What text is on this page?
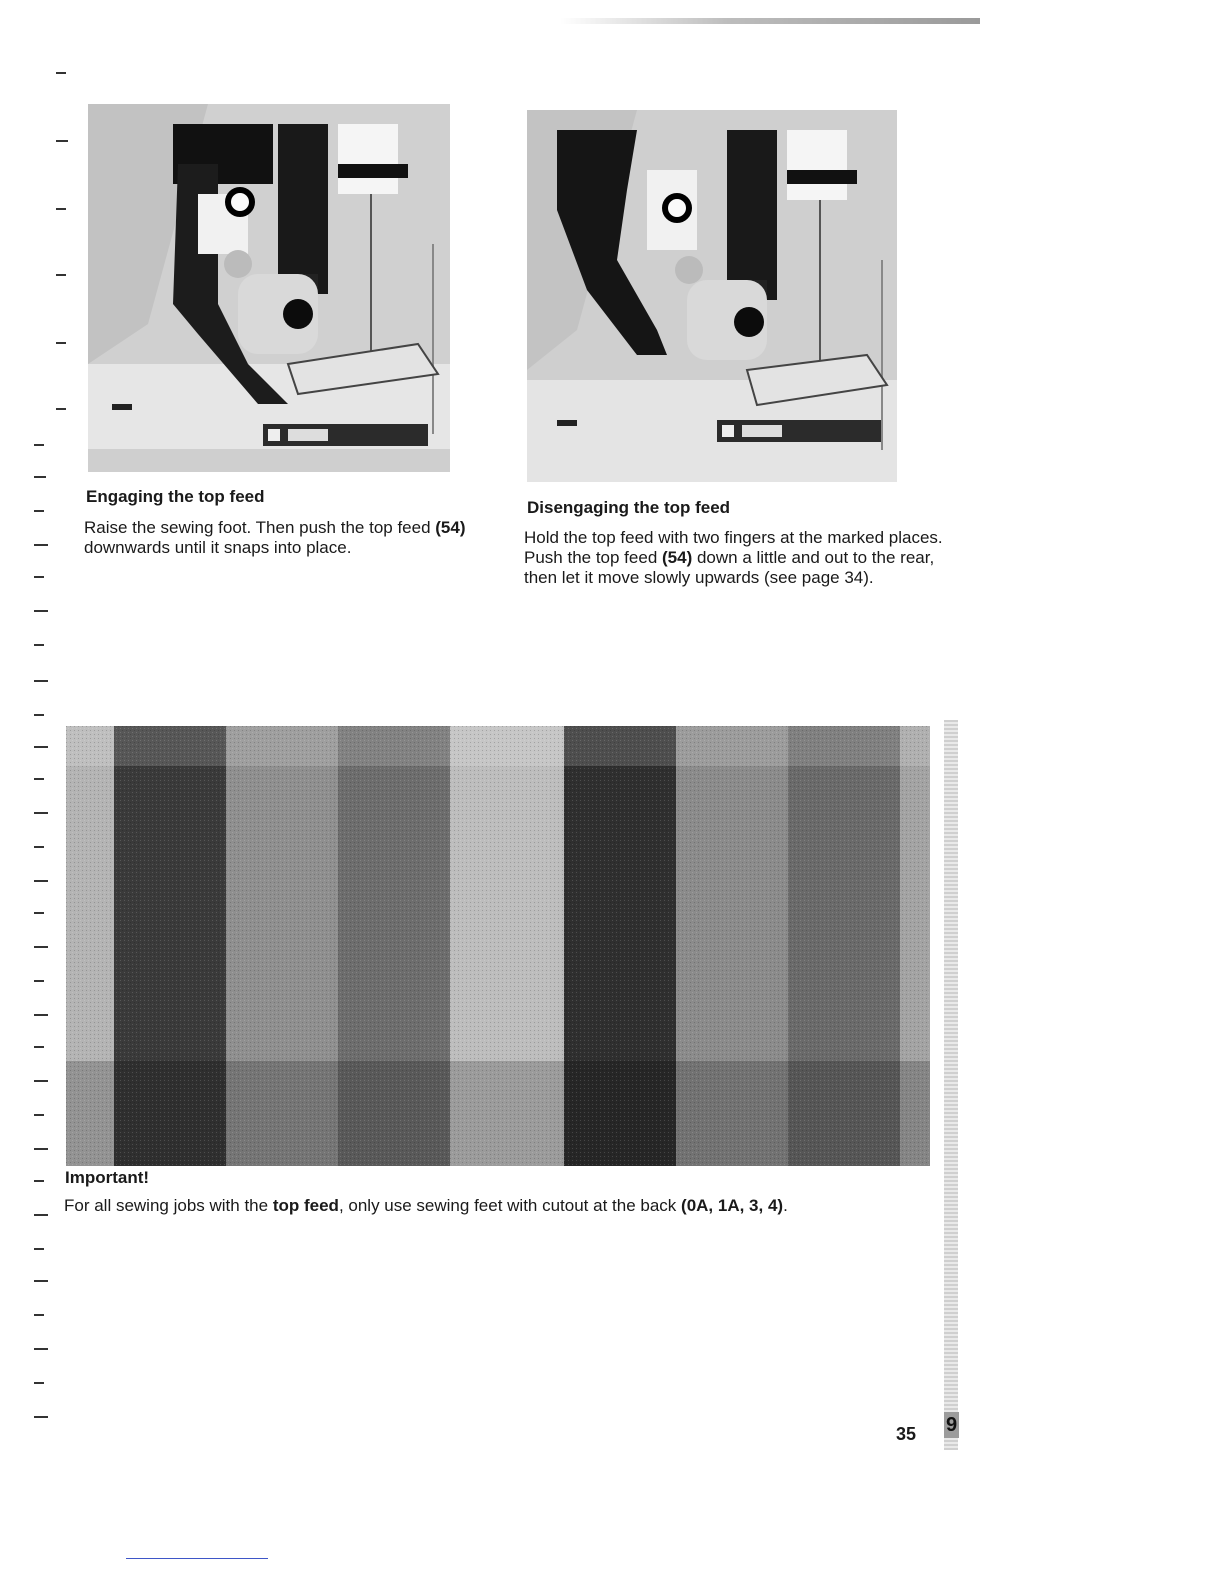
Engaging the top feed

Raise the sewing foot. Then push the top feed (54) downwards until it snaps into place.

Disengaging the top feed

Hold the top feed with two fingers at the marked places. Push the top feed (54) down a little and out to the rear, then let it move slowly upwards (see page 34).

Important!

For all sewing jobs with the top feed, only use sewing feet with cutout at the back (0A, 1A, 3, 4).

35 9
